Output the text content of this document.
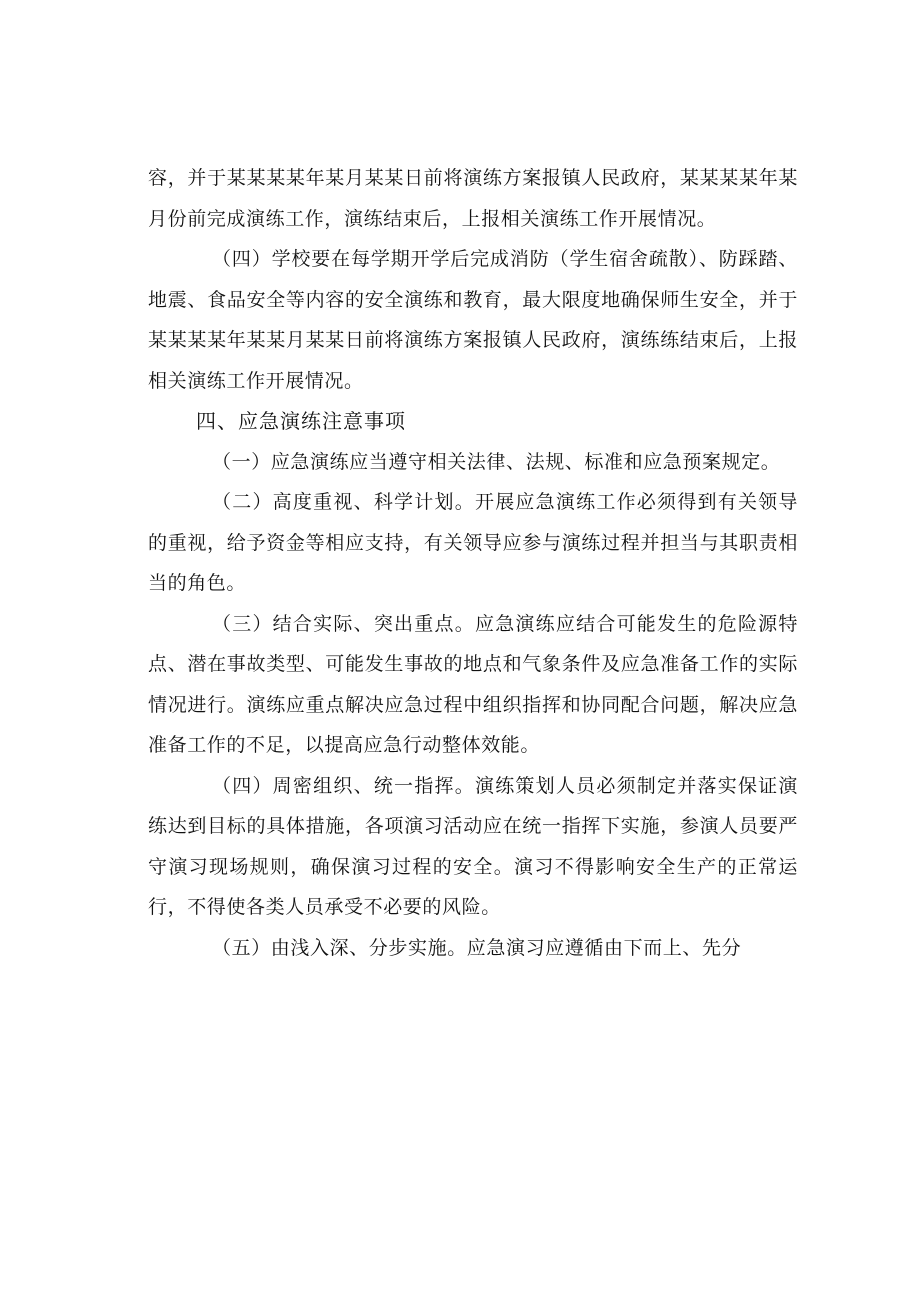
容，并于某某某某年某月某某日前将演练方案报镇人民政府，某某某某年某月份前完成演练工作，演练结束后，上报相关演练工作开展情况。

（四）学校要在每学期开学后完成消防（学生宿舍疏散）、防踩踏、地震、食品安全等内容的安全演练和教育，最大限度地确保师生安全，并于某某某某年某某月某某日前将演练方案报镇人民政府，演练练结束后，上报相关演练工作开展情况。

四、应急演练注意事项

（一）应急演练应当遵守相关法律、法规、标准和应急预案规定。

（二）高度重视、科学计划。开展应急演练工作必须得到有关领导的重视，给予资金等相应支持，有关领导应参与演练过程并担当与其职责相当的角色。

（三）结合实际、突出重点。应急演练应结合可能发生的危险源特点、潜在事故类型、可能发生事故的地点和气象条件及应急准备工作的实际情况进行。演练应重点解决应急过程中组织指挥和协同配合问题，解决应急准备工作的不足，以提高应急行动整体效能。

（四）周密组织、统一指挥。演练策划人员必须制定并落实保证演练达到目标的具体措施，各项演习活动应在统一指挥下实施，参演人员要严守演习现场规则，确保演习过程的安全。演习不得影响安全生产的正常运行，不得使各类人员承受不必要的风险。

（五）由浅入深、分步实施。应急演习应遵循由下而上、先分
